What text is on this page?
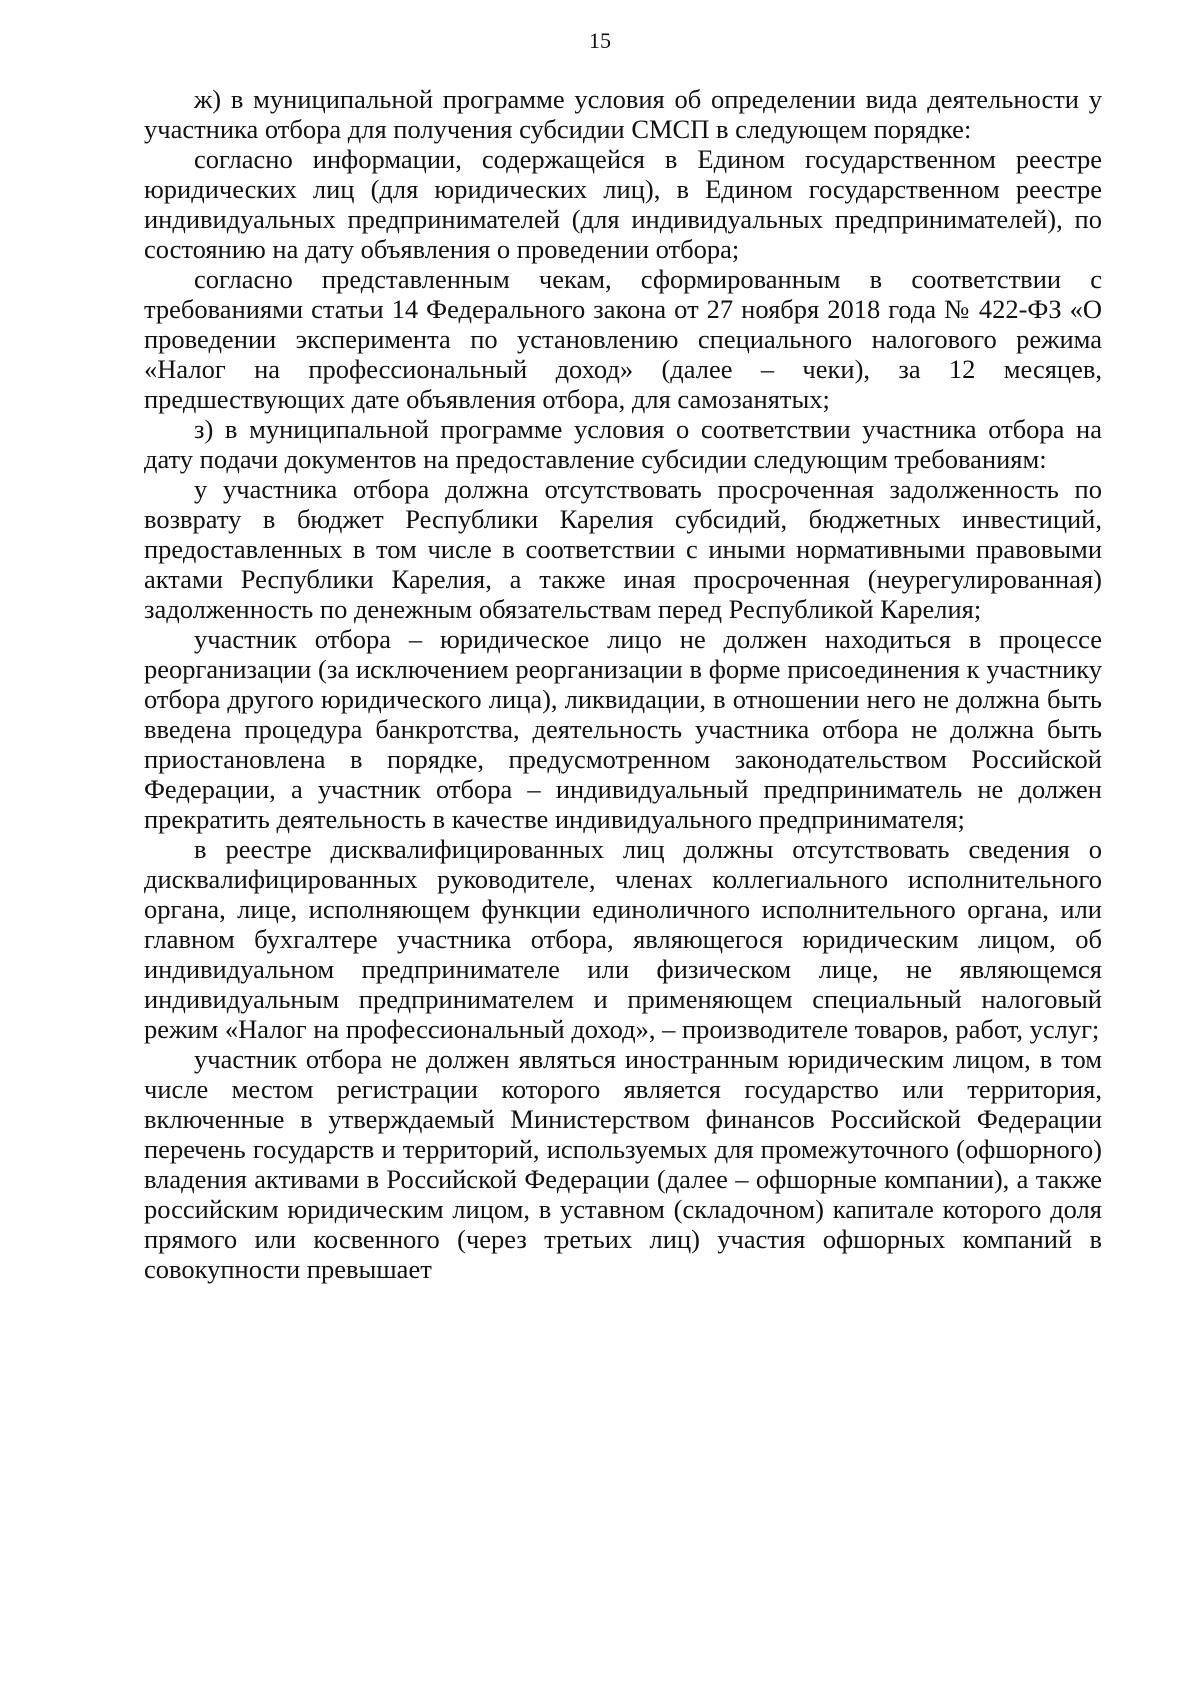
15

ж) в муниципальной программе условия об определении вида деятельности у участника отбора для получения субсидии СМСП в следующем порядке:

согласно информации, содержащейся в Едином государственном реестре юридических лиц (для юридических лиц), в Едином государственном реестре индивидуальных предпринимателей (для индивидуальных предпринимателей), по состоянию на дату объявления о проведении отбора;

согласно представленным чекам, сформированным в соответствии с требованиями статьи 14 Федерального закона от 27 ноября 2018 года № 422-ФЗ «О проведении эксперимента по установлению специального налогового режима «Налог на профессиональный доход» (далее – чеки), за 12 месяцев, предшествующих дате объявления отбора, для самозанятых;

з) в муниципальной программе условия о соответствии участника отбора на дату подачи документов на предоставление субсидии следующим требованиям:

у участника отбора должна отсутствовать просроченная задолженность по возврату в бюджет Республики Карелия субсидий, бюджетных инвестиций, предоставленных в том числе в соответствии с иными нормативными правовыми актами Республики Карелия, а также иная просроченная (неурегулированная) задолженность по денежным обязательствам перед Республикой Карелия;

участник отбора – юридическое лицо не должен находиться в процессе реорганизации (за исключением реорганизации в форме присоединения к участнику отбора другого юридического лица), ликвидации, в отношении него не должна быть введена процедура банкротства, деятельность участника отбора не должна быть приостановлена в порядке, предусмотренном законодательством Российской Федерации, а участник отбора – индивидуальный предприниматель не должен прекратить деятельность в качестве индивидуального предпринимателя;

в реестре дисквалифицированных лиц должны отсутствовать сведения о дисквалифицированных руководителе, членах коллегиального исполнительного органа, лице, исполняющем функции единоличного исполнительного органа, или главном бухгалтере участника отбора, являющегося юридическим лицом, об индивидуальном предпринимателе или физическом лице, не являющемся индивидуальным предпринимателем и применяющем специальный налоговый режим «Налог на профессиональный доход», – производителе товаров, работ, услуг;

участник отбора не должен являться иностранным юридическим лицом, в том числе местом регистрации которого является государство или территория, включенные в утверждаемый Министерством финансов Российской Федерации перечень государств и территорий, используемых для промежуточного (офшорного) владения активами в Российской Федерации (далее – офшорные компании), а также российским юридическим лицом, в уставном (складочном) капитале которого доля прямого или косвенного (через третьих лиц) участия офшорных компаний в совокупности превышает
